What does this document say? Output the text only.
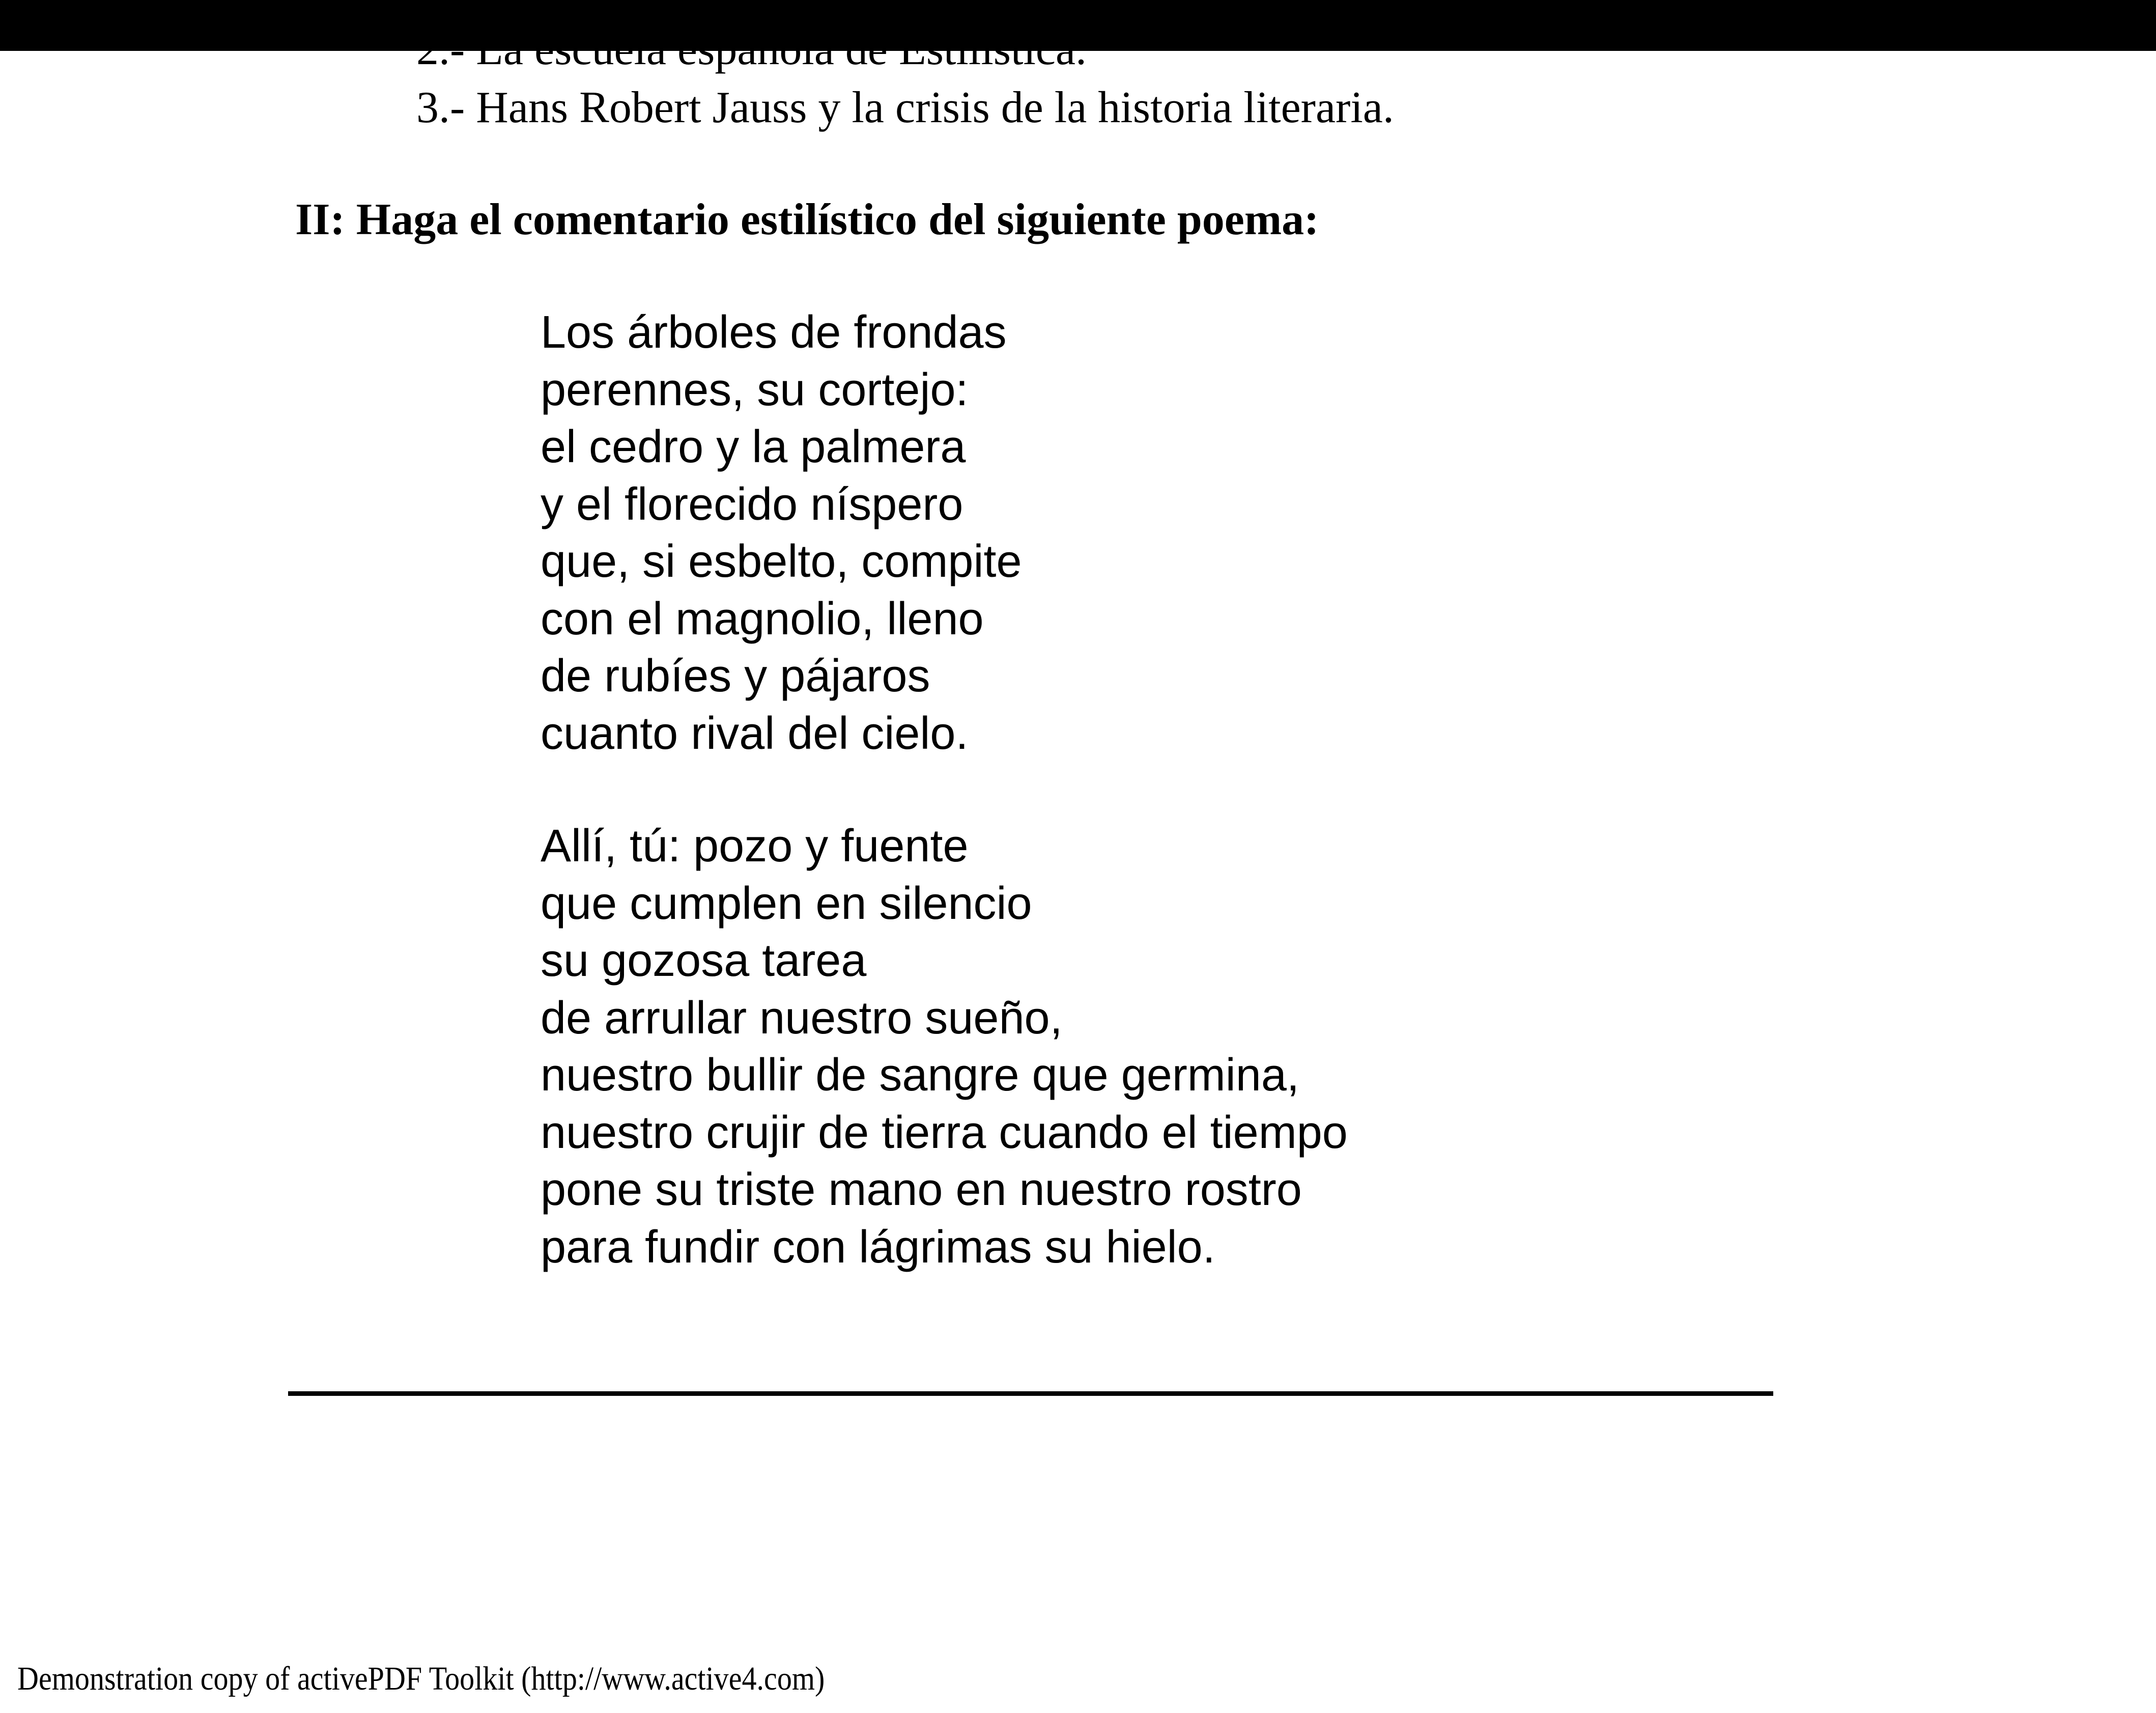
3.- Hans Robert Jauss y la crisis de la historia literaria.
II: Haga el comentario estilístico del siguiente poema:
Los árboles de frondas
perennes, su cortejo:
el cedro y la palmera
y el florecido níspero
que, si esbelto, compite
con el magnolio, lleno
de rubíes y pájaros
cuanto rival del cielo.
Allí, tú: pozo y fuente
que cumplen en silencio
su gozosa tarea
de arrullar nuestro sueño,
nuestro bullir de sangre que germina,
nuestro crujir de tierra cuando el tiempo
pone su triste mano en nuestro rostro
para fundir con lágrimas su hielo.
Demonstration copy of activePDF Toolkit (http://www.active4.com)
